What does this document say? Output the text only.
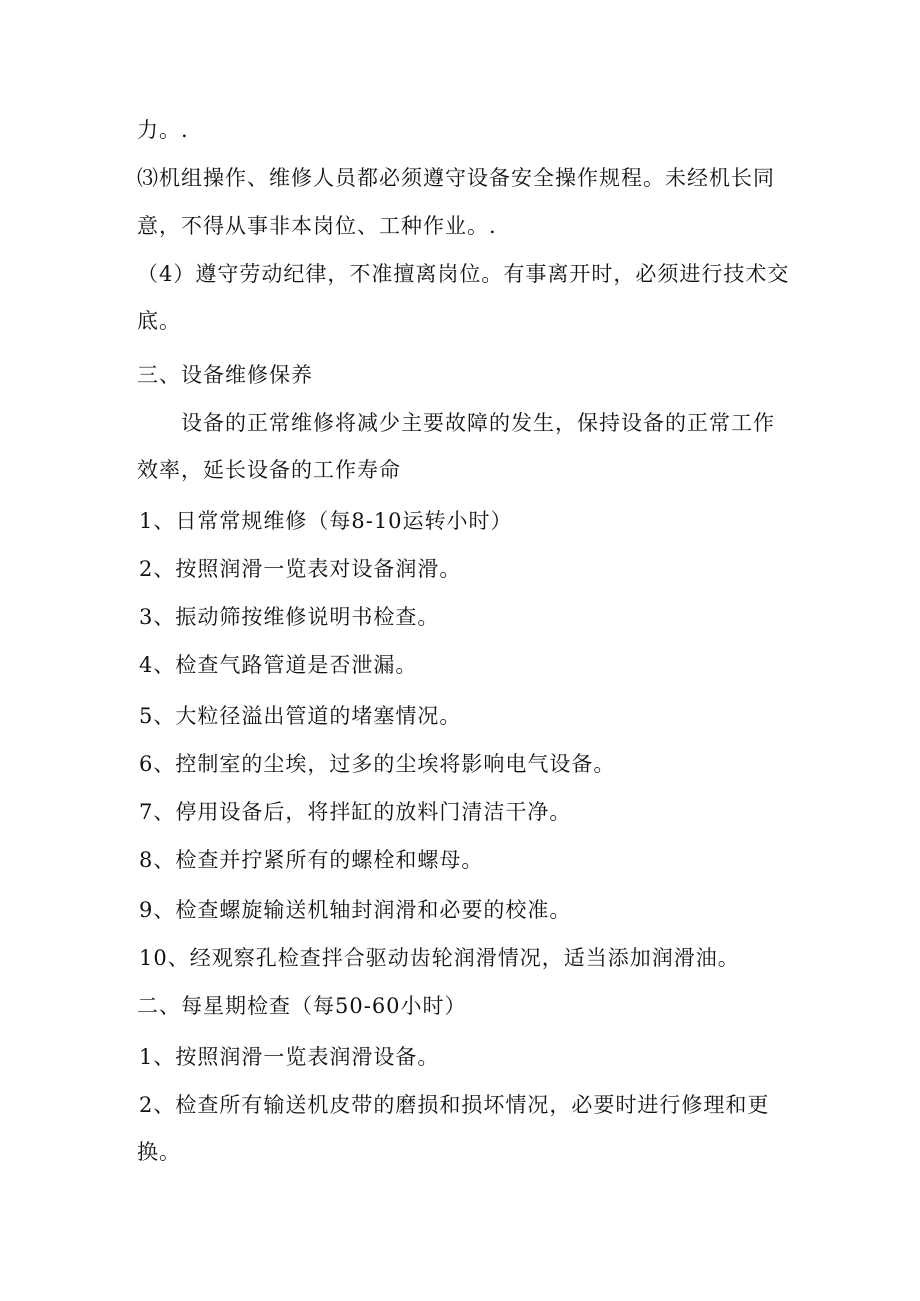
力。.

⑶机组操作、维修人员都必须遵守设备安全操作规程。未经机长同

意，不得从事非本岗位、工种作业。.

（4）遵守劳动纪律，不准擅离岗位。有事离开时，必须进行技术交

底。

三、设备维修保养

设备的正常维修将减少主要故障的发生，保持设备的正常工作

效率，延长设备的工作寿命

1、日常常规维修（每8-10运转小时）

2、按照润滑一览表对设备润滑。

3、振动筛按维修说明书检查。

4、检查气路管道是否泄漏。

5、大粒径溢出管道的堵塞情况。

6、控制室的尘埃，过多的尘埃将影响电气设备。

7、停用设备后，将拌缸的放料门清洁干净。

8、检查并拧紧所有的螺栓和螺母。

9、检查螺旋输送机轴封润滑和必要的校准。

10、经观察孔检查拌合驱动齿轮润滑情况，适当添加润滑油。

二、每星期检查（每50-60小时）

1、按照润滑一览表润滑设备。

2、检查所有输送机皮带的磨损和损坏情况，必要时进行修理和更

换。
